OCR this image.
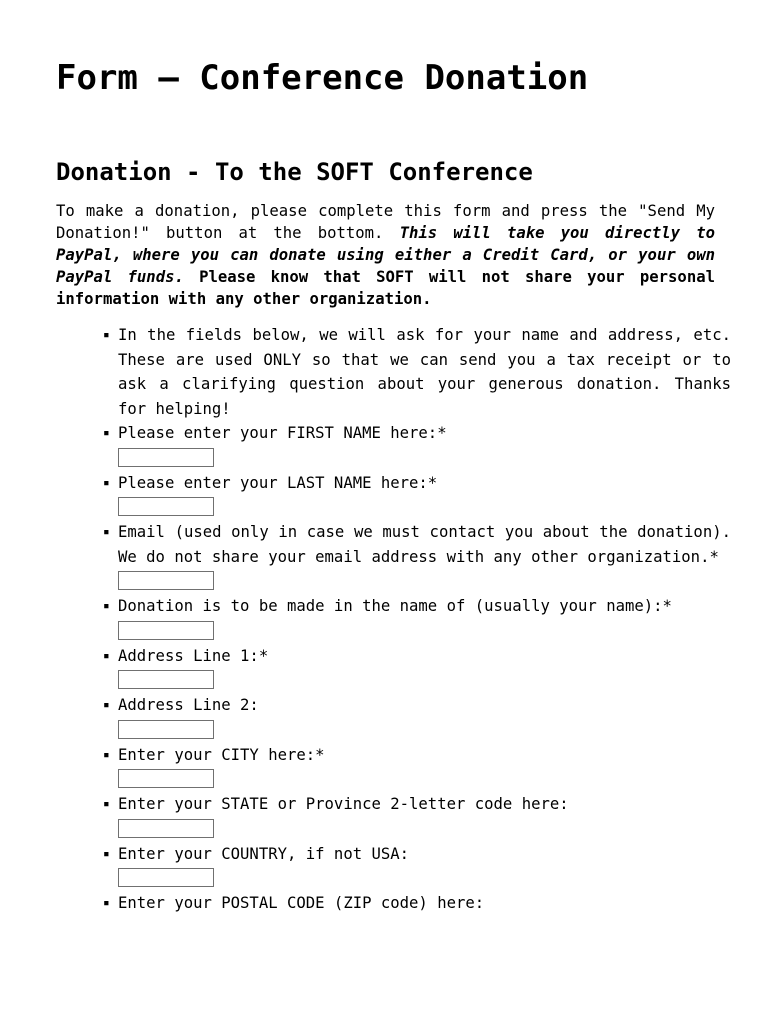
Form – Conference Donation
Donation - To the SOFT Conference

To make a donation, please complete this form and press the "Send My Donation!" button at the bottom. This will take you directly to PayPal, where you can donate using either a Credit Card, or your own PayPal funds. Please know that SOFT will not share your personal information with any other organization.

▪ In the fields below, we will ask for your name and address, etc. These are used ONLY so that we can send you a tax receipt or to ask a clarifying question about your generous donation. Thanks for helping!
▪ Please enter your FIRST NAME here:*
▪ Please enter your LAST NAME here:*
▪ Email (used only in case we must contact you about the donation). We do not share your email address with any other organization.*
▪ Donation is to be made in the name of (usually your name):*
▪ Address Line 1:*
▪ Address Line 2:
▪ Enter your CITY here:*
▪ Enter your STATE or Province 2-letter code here:
▪ Enter your COUNTRY, if not USA:
▪ Enter your POSTAL CODE (ZIP code) here:
